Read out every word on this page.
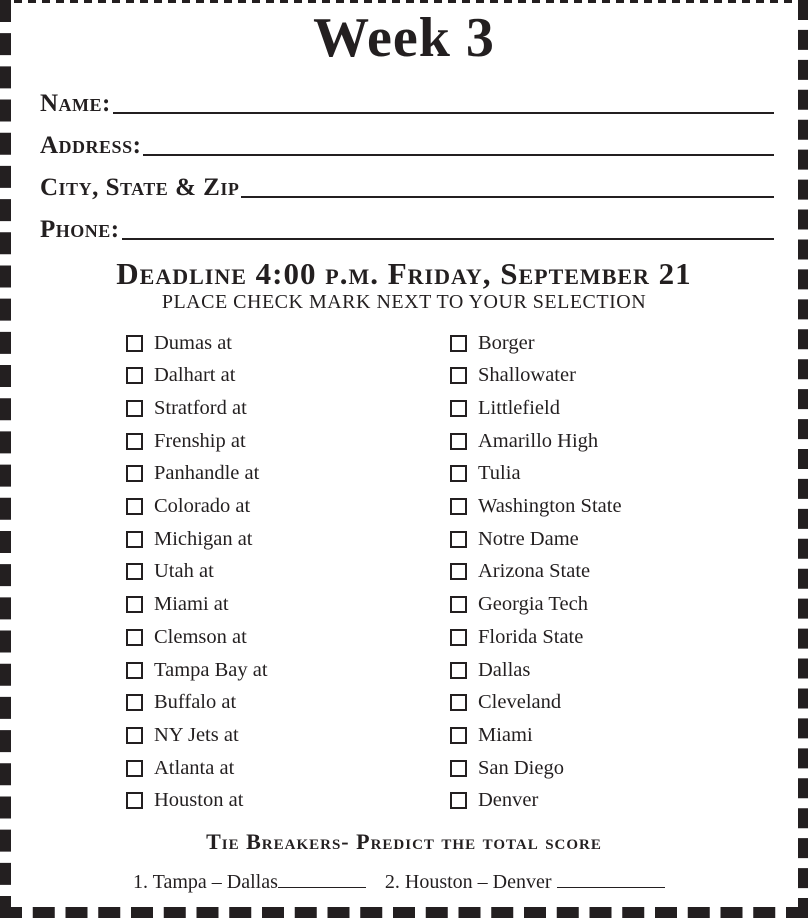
Week 3
Name:
Address:
City, State & Zip
Phone:
Deadline 4:00 p.m. Friday, September 21
PLACE CHECK MARK NEXT TO YOUR SELECTION
Dumas at	Borger
Dalhart at	Shallowater
Stratford at	Littlefield
Frenship at	Amarillo High
Panhandle at	Tulia
Colorado at	Washington State
Michigan at	Notre Dame
Utah at	Arizona State
Miami at	Georgia Tech
Clemson at	Florida State
Tampa Bay at	Dallas
Buffalo at	Cleveland
NY Jets at	Miami
Atlanta at	San Diego
Houston at	Denver
Tie Breakers- Predict the total score
1. Tampa – Dallas	2. Houston – Denver
